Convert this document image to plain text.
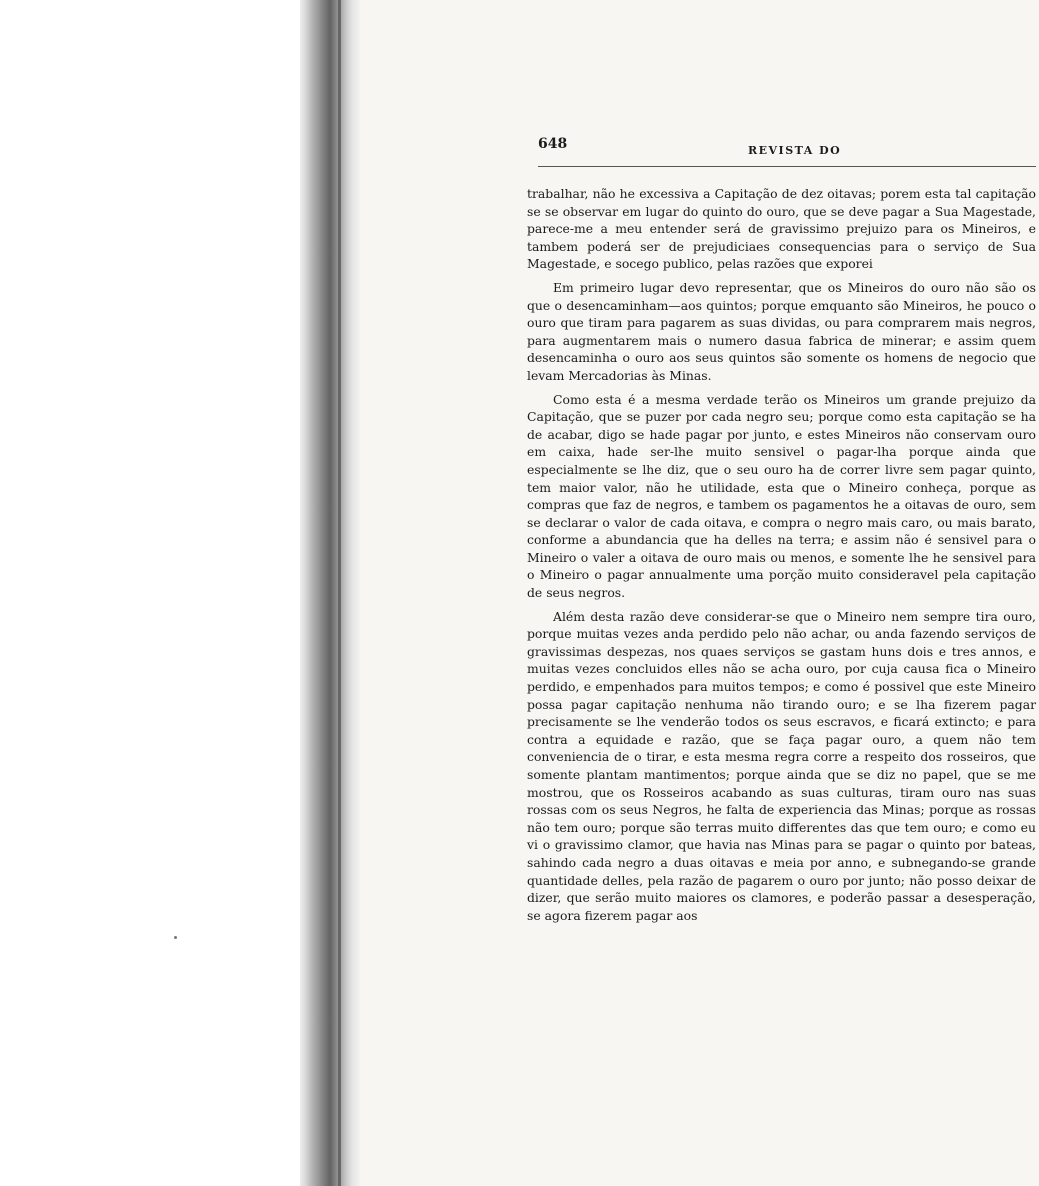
648	REVISTA DO

trabalhar, não he excessiva a Capitação de dez oitavas; porem esta tal capitação se se observar em lugar do quinto do ouro, que se deve pagar a Sua Magestade, parece-me a meu entender será de gravissimo prejuizo para os Mineiros, e tambem poderá ser de prejudiciaes consequencias para o serviço de Sua Magestade, e socego publico, pelas razões que exporei

Em primeiro lugar devo representar, que os Mineiros do ouro não são os que o desencaminham—aos quintos; porque emquanto são Mineiros, he pouco o ouro que tiram para pagarem as suas dividas, ou para comprarem mais negros, para augmentarem mais o numero dasua fabrica de minerar; e assim quem desencaminha o ouro aos seus quintos são somente os homens de negocio que levam Mercadorias às Minas.

Como esta é a mesma verdade terão os Mineiros um grande prejuizo da Capitação, que se puzer por cada negro seu; porque como esta capitação se ha de acabar, digo se hade pagar por junto, e estes Mineiros não conservam ouro em caixa, hade ser-lhe muito sensivel o pagar-lha porque ainda que especialmente se lhe diz, que o seu ouro ha de correr livre sem pagar quinto, tem maior valor, não he utilidade, esta que o Mineiro conheça, porque as compras que faz de negros, e tambem os pagamentos he a oitavas de ouro, sem se declarar o valor de cada oitava, e compra o negro mais caro, ou mais barato, conforme a abundancia que ha delles na terra; e assim não é sensivel para o Mineiro o valer a oitava de ouro mais ou menos, e somente lhe he sensivel para o Mineiro o pagar annualmente uma porção muito consideravel pela capitação de seus negros.

Além desta razão deve considerar-se que o Mineiro nem sempre tira ouro, porque muitas vezes anda perdido pelo não achar, ou anda fazendo serviços de gravissimas despezas, nos quaes serviços se gastam huns dois e tres annos, e muitas vezes concluidos elles não se acha ouro, por cuja causa fica o Mineiro perdido, e empenhados para muitos tempos; e como é possivel que este Mineiro possa pagar capitação nenhuma não tirando ouro; e se lha fizerem pagar precisamente se lhe venderão todos os seus escravos, e ficará extincto; e para contra a equidade e razão, que se faça pagar ouro, a quem não tem conveniencia de o tirar, e esta mesma regra corre a respeito dos rosseiros, que somente plantam mantimentos; porque ainda que se diz no papel, que se me mostrou, que os Rosseiros acabando as suas culturas, tiram ouro nas suas rossas com os seus Negros, he falta de experiencia das Minas; porque as rossas não tem ouro; porque são terras muito differentes das que tem ouro; e como eu vi o gravissimo clamor, que havia nas Minas para se pagar o quinto por bateas, sahindo cada negro a duas oitavas e meia por anno, e subnegando-se grande quantidade delles, pela razão de pagarem o ouro por junto; não posso deixar de dizer, que serão muito maiores os clamores, e poderão passar a desesperação, se agora fizerem pagar aos
